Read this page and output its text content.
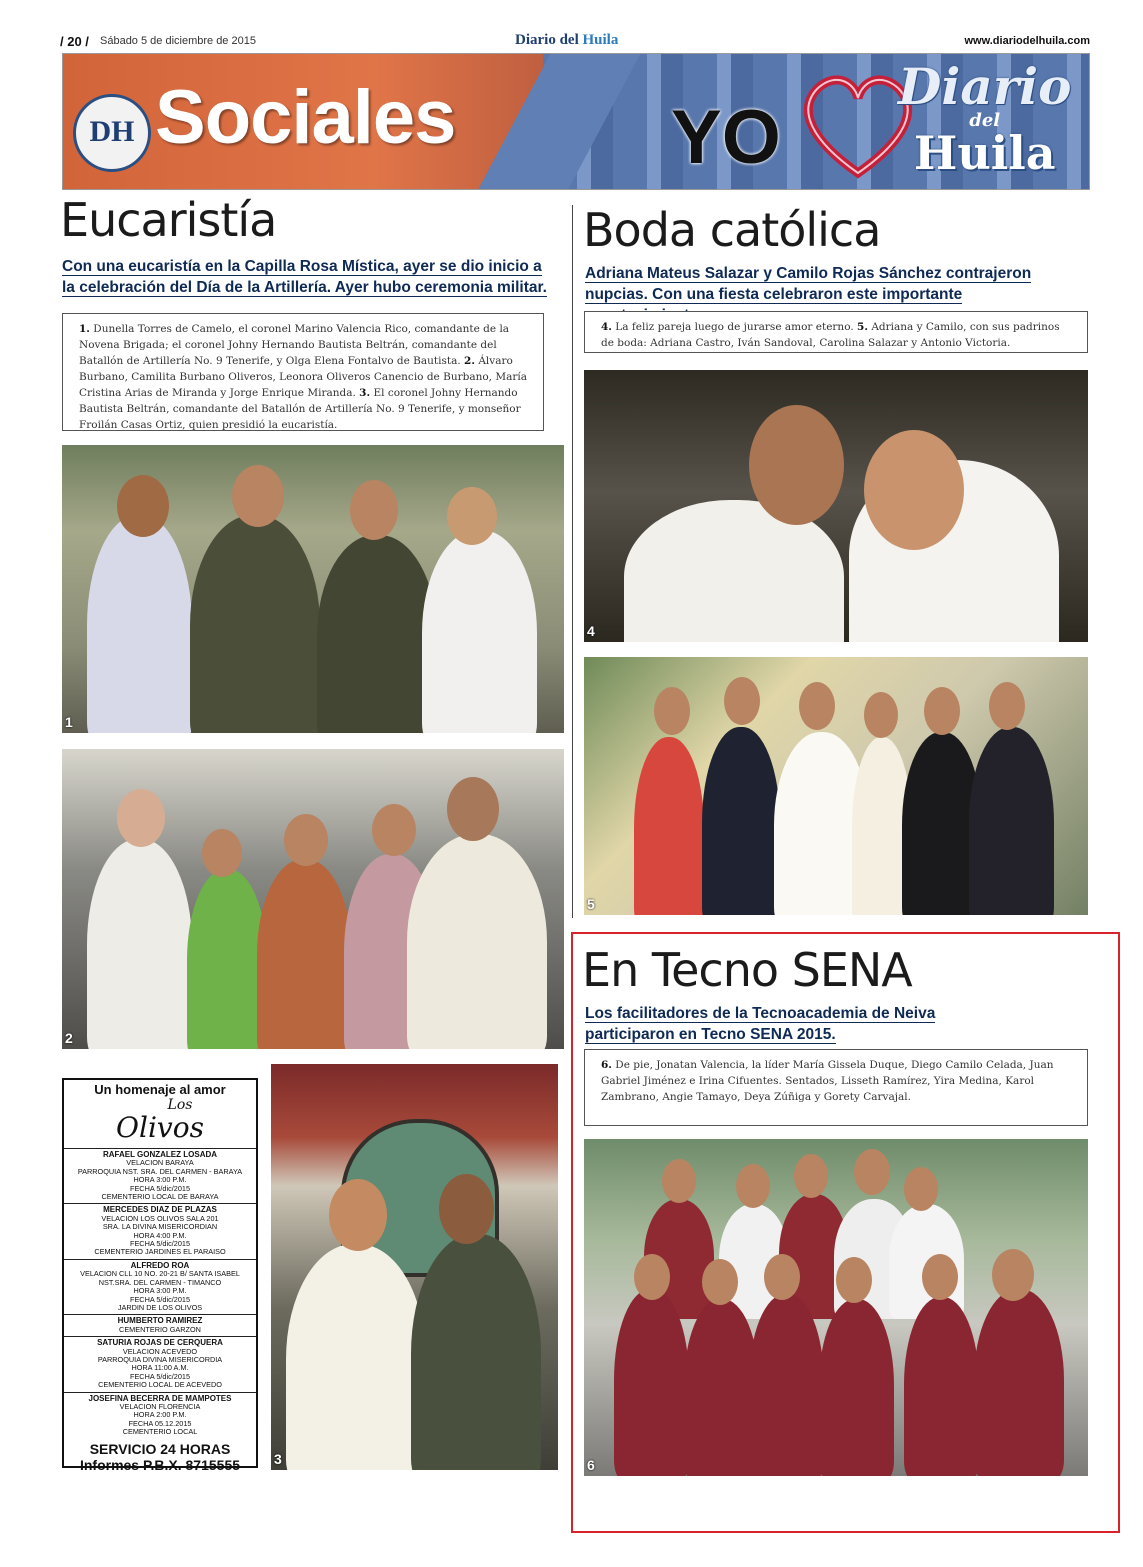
/ 20 / Sábado 5 de diciembre de 2015	Diario del Huila	www.diariodelhuila.com
DH Sociales	YO
Diario
del
Huila
Eucaristía

Con una eucaristía en la Capilla Rosa Mística, ayer se dio inicio a la celebración del Día de la Artillería. Ayer hubo ceremonia militar.

1. Dunella Torres de Camelo, el coronel Marino Valencia Rico, comandante de la Novena Brigada; el coronel Johny Hernando Bautista Beltrán, comandante del Batallón de Artillería No. 9 Tenerife, y Olga Elena Fontalvo de Bautista. 2. Álvaro Burbano, Camilita Burbano Oliveros, Leonora Oliveros Canencio de Burbano, María Cristina Arias de Miranda y Jorge Enrique Miranda. 3. El coronel Johny Hernando Bautista Beltrán, comandante del Batallón de Artillería No. 9 Tenerife, y monseñor Froilán Casas Ortiz, quien presidió la eucaristía.
1
2
Un homenaje al amor
Los
Olivos
RAFAEL GONZALEZ LOSADA
VELACION BARAYA
PARROQUIA NST. SRA. DEL CARMEN - BARAYA
HORA 3:00 P.M.
FECHA 5/dic/2015
CEMENTERIO LOCAL DE BARAYA
MERCEDES DIAZ DE PLAZAS
VELACION LOS OLIVOS SALA 201
SRA. LA DIVINA MISERICORDIAN
HORA 4:00 P.M.
FECHA 5/dic/2015
CEMENTERIO JARDINES EL PARAISO
ALFREDO ROA
VELACION CLL 10 NO. 20-21 B/ SANTA ISABEL
NST.SRA. DEL CARMEN - TIMANCO
HORA 3:00 P.M.
FECHA 5/dic/2015
JARDIN DE LOS OLIVOS
HUMBERTO RAMIREZ
CEMENTERIO GARZON
SATURIA ROJAS DE CERQUERA
VELACION ACEVEDO
PARROQUIA DIVINA MISERICORDIA
HORA 11:00 A.M.
FECHA 5/dic/2015
CEMENTERIO LOCAL DE ACEVEDO
JOSEFINA BECERRA DE MAMPOTES
VELACION FLORENCIA
HORA 2:00 P.M.
FECHA 05.12.2015
CEMENTERIO LOCAL
SERVICIO 24 HORAS
Informes P.B.X. 8715555	3
Boda católica

Adriana Mateus Salazar y Camilo Rojas Sánchez contrajeron nupcias. Con una fiesta celebraron este importante

4. La feliz pareja luego de jurarse amor eterno. 5. Adriana y Camilo, con sus padrinos de boda: Adriana Castro, Iván Sandoval, Carolina Salazar y Antonio Victoria.
4
5
En Tecno SENA

Los facilitadores de la Tecnoacademia de Neiva participaron en Tecno SENA 2015.

6. De pie, Jonatan Valencia, la líder María Gissela Duque, Diego Camilo Celada, Juan Gabriel Jiménez e Irina Cifuentes. Sentados, Lisseth Ramírez, Yira Medina, Karol Zambrano, Angie Tamayo, Deya Zúñiga y Gorety Carvajal.
6
